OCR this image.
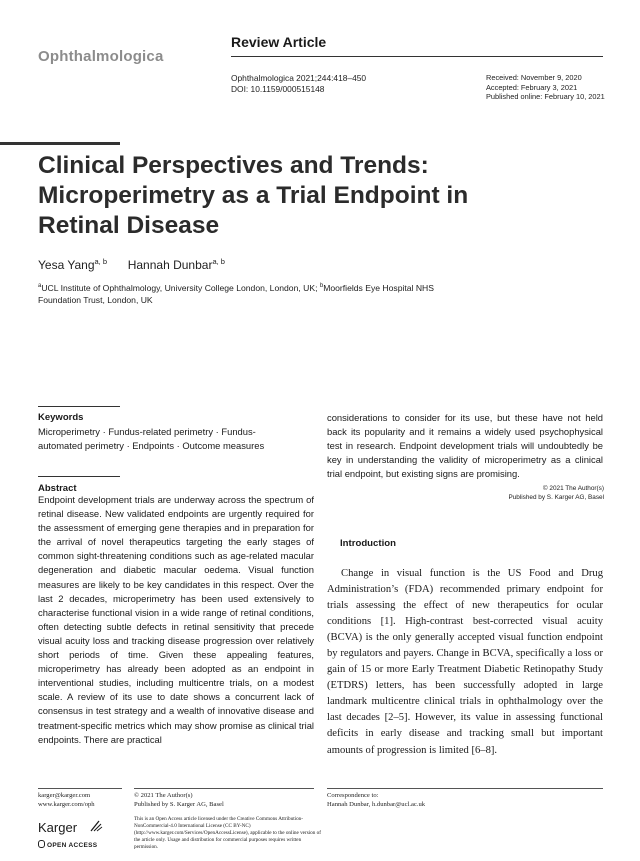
Ophthalmologica
Review Article
Ophthalmologica 2021;244:418–450
DOI: 10.1159/000515148
Received: November 9, 2020
Accepted: February 3, 2021
Published online: February 10, 2021
Clinical Perspectives and Trends:
Microperimetry as a Trial Endpoint in
Retinal Disease
Yesa Yang$^{a, b}$ Hannah Dunbar$^{a, b}$
$^a$UCL Institute of Ophthalmology, University College London, London, UK; $^b$Moorfields Eye Hospital NHS
Foundation Trust, London, UK
Keywords
Microperimetry · Fundus-related perimetry · Fundus-
automated perimetry · Endpoints · Outcome measures
Abstract
Endpoint development trials are underway across the spectrum of retinal disease. New validated endpoints are urgently required for the assessment of emerging gene therapies and in preparation for the arrival of novel therapeutics targeting the early stages of common sight-threatening conditions such as age-related macular degeneration and diabetic macular oedema. Visual function measures are likely to be key candidates in this respect. Over the last 2 decades, microperimetry has been used extensively to characterise functional vision in a wide range of retinal conditions, often detecting subtle defects in retinal sensitivity that precede visual acuity loss and tracking disease progression over relatively short periods of time. Given these appealing features, microperimetry has already been adopted as an endpoint in interventional studies, including multicentre trials, on a modest scale. A review of its use to date shows a concurrent lack of consensus in test strategy and a wealth of innovative disease and treatment-specific metrics which may show promise as clinical trial endpoints. There are practical
considerations to consider for its use, but these have not held back its popularity and it remains a widely used psychophysical test in research. Endpoint development trials will undoubtedly be key in understanding the validity of microperimetry as a clinical trial endpoint, but existing signs are promising.
© 2021 The Author(s)
Published by S. Karger AG, Basel
Introduction
Change in visual function is the US Food and Drug Administration’s (FDA) recommended primary endpoint for trials assessing the effect of new therapeutics for ocular conditions [1]. High-contrast best-corrected visual acuity (BCVA) is the only generally accepted visual function endpoint by regulators and payers. Change in BCVA, specifically a loss or gain of 15 or more Early Treatment Diabetic Retinopathy Study (ETDRS) letters, has been successfully adopted in large landmark multicentre clinical trials in ophthalmology over the last decades [2–5]. However, its value in assessing functional deficits in early disease and tracking small but important amounts of progression is limited [6–8].
karger@karger.com
www.karger.com/oph
Karger
OPEN ACCESS
© 2021 The Author(s)
Published by S. Karger AG, Basel
This is an Open Access article licensed under the Creative Commons Attribution-NonCommercial-4.0 International License (CC BY-NC) (http://www.karger.com/Services/OpenAccessLicense), applicable to the online version of the article only. Usage and distribution for commercial purposes requires written permission.
Correspondence to:
Hannah Dunbar, h.dunbar@ucl.ac.uk
